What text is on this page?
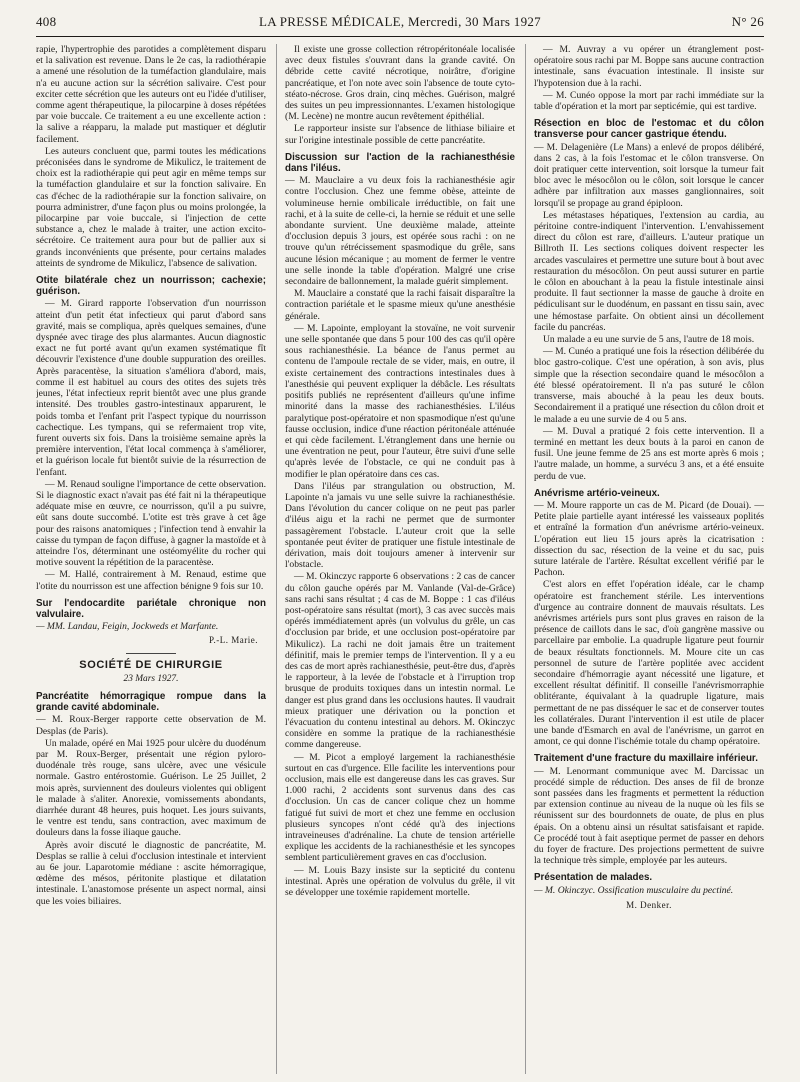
408	LA PRESSE MÉDICALE, Mercredi, 30 Mars 1927	N° 26

rapie, l'hypertrophie des parotides a complètement disparu et la salivation est revenue. Dans le 2e cas, la radiothérapie a amené une résolution de la tuméfaction glandulaire, mais n'a eu aucune action sur la sécrétion salivaire. C'est pour exciter cette sécrétion que les auteurs ont eu l'idée d'utiliser, comme agent thérapeutique, la pilocarpine à doses répétées par voie buccale. Ce traitement a eu une excellente action : la salive a réapparu, la malade put mastiquer et déglutir facilement.

Les auteurs concluent que, parmi toutes les médications préconisées dans le syndrome de Mikulicz, le traitement de choix est la radiothérapie qui peut agir en même temps sur la tuméfaction glandulaire et sur la fonction salivaire. En cas d'échec de la radiothérapie sur la fonction salivaire, on pourra administrer, d'une façon plus ou moins prolongée, la pilocarpine par voie buccale, si l'injection de cette substance a, chez le malade à traiter, une action excito-sécrétoire. Ce traitement aura pour but de pallier aux si grands inconvénients que présente, pour certains malades atteints de syndrome de Mikulicz, l'absence de salivation.

Otite bilatérale chez un nourrisson; cachexie; guérison.

— M. Girard rapporte l'observation d'un nourrisson atteint d'un petit état infectieux qui parut d'abord sans gravité, mais se compliqua, après quelques semaines, d'une dyspnée avec tirage des plus alarmantes. Aucun diagnostic exact ne fut porté avant qu'un examen systématique fît découvrir l'existence d'une double suppuration des oreilles. Après paracentèse, la situation s'améliora d'abord, mais, comme il est habituel au cours des otites des sujets très jeunes, l'état infectieux reprit bientôt avec une plus grande intensité. Des troubles gastro-intestinaux apparurent, le poids tomba et l'enfant prit l'aspect typique du nourrisson cachectique. Les tympans, qui se refermaient trop vite, furent ouverts six fois. Dans la troisième semaine après la première intervention, l'état local commença à s'améliorer, et la guérison locale fut bientôt suivie de la résurrection de l'enfant.

— M. Renaud souligne l'importance de cette observation. Si le diagnostic exact n'avait pas été fait ni la thérapeutique adéquate mise en œuvre, ce nourrisson, qu'il a pu suivre, eût sans doute succombé. L'otite est très grave à cet âge pour des raisons anatomiques ; l'infection tend à envahir la caisse du tympan de façon diffuse, à gagner la mastoïde et à atteindre l'os, déterminant une ostéomyélite du rocher qui motive souvent la répétition de la paracentèse.

— M. Hallé, contrairement à M. Renaud, estime que l'otite du nourrisson est une affection bénigne 9 fois sur 10.

Sur l'endocardite pariétale chronique non valvulaire.

— MM. Landau, Feigin, Jockweds et Marfante.

P.-L. Marie.
SOCIÉTÉ DE CHIRURGIE
23 Mars 1927.
Pancréatite hémorragique rompue dans la grande cavité abdominale.

— M. Roux-Berger rapporte cette observation de M. Desplas (de Paris).

Un malade, opéré en Mai 1925 pour ulcère du duodénum par M. Roux-Berger, présentait une région pyloro-duodénale très rouge, sans ulcère, avec une vésicule normale. Gastro entérostomie. Guérison. Le 25 Juillet, 2 mois après, surviennent des douleurs violentes qui obligent le malade à s'aliter. Anorexie, vomissements abondants, diarrhée durant 48 heures, puis hoquet. Les jours suivants, le ventre est tendu, sans contraction, avec maximum de douleurs dans la fosse iliaque gauche.

Après avoir discuté le diagnostic de pancréatite, M. Desplas se rallie à celui d'occlusion intestinale et intervient au 6e jour. Laparotomie médiane : ascite hémorragique, œdème des mésos, péritonite plastique et dilatation intestinale. L'anastomose présente un aspect normal, ainsi que les voies biliaires.

Il existe une grosse collection rétropéritonéale localisée avec deux fistules s'ouvrant dans la grande cavité. On débride cette cavité nécrotique, noirâtre, d'origine pancréatique, et l'on note avec soin l'absence de toute cyto-stéato-nécrose. Gros drain, cinq mèches. Guérison, malgré des suites un peu impressionnantes. L'examen histologique (M. Lecène) ne montre aucun revêtement épithélial.

Le rapporteur insiste sur l'absence de lithiase biliaire et sur l'origine intestinale possible de cette pancréatite.

Discussion sur l'action de la rachianesthésie dans l'iléus.

— M. Mauclaire a vu deux fois la rachianesthésie agir contre l'occlusion. Chez une femme obèse, atteinte de volumineuse hernie ombilicale irréductible, on fait une rachi, et à la suite de celle-ci, la hernie se réduit et une selle abondante survient. Une deuxième malade, atteinte d'occlusion depuis 3 jours, est opérée sous rachi : on ne trouve qu'un rétrécissement spasmodique du grêle, sans aucune lésion mécanique ; au moment de fermer le ventre une selle inonde la table d'opération. Malgré une crise secondaire de ballonnement, la malade guérit simplement.

M. Mauclaire a constaté que la rachi faisait disparaître la contraction pariétale et le spasme mieux qu'une anesthésie générale.

— M. Lapointe, employant la stovaïne, ne voit survenir une selle spontanée que dans 5 pour 100 des cas qu'il opère sous rachianesthésie. La béance de l'anus permet au contenu de l'ampoule rectale de se vider, mais, en outre, il existe certainement des contractions intestinales dues à l'anesthésie qui peuvent expliquer la débâcle. Les résultats positifs publiés ne représentent d'ailleurs qu'une infime minorité dans la masse des rachianesthésies. L'iléus paralytique post-opératoire et non spasmodique n'est qu'une fausse occlusion, indice d'une réaction péritonéale atténuée et qui cède facilement. L'étranglement dans une hernie ou une éventration ne peut, pour l'auteur, être suivi d'une selle qu'après levée de l'obstacle, ce qui ne conduit pas à modifier le plan opératoire dans ces cas.

Dans l'iléus par strangulation ou obstruction, M. Lapointe n'a jamais vu une selle suivre la rachianesthésie. Dans l'évolution du cancer colique on ne peut pas parler d'iléus aigu et la rachi ne permet que de surmonter passagèrement l'obstacle. L'auteur croit que la selle spontanée peut éviter de pratiquer une fistule intestinale de dérivation, mais doit toujours amener à intervenir sur l'obstacle.

— M. Okinczyc rapporte 6 observations : 2 cas de cancer du côlon gauche opérés par M. Vanlande (Val-de-Grâce) sans rachi sans résultat ; 4 cas de M. Boppe : 1 cas d'iléus post-opératoire sans résultat (mort), 3 cas avec succès mais opérés immédiatement après (un volvulus du grêle, un cas d'occlusion par bride, et une occlusion post-opératoire par Mikulicz). La rachi ne doit jamais être un traitement définitif, mais le premier temps de l'intervention. Il y a eu des cas de mort après rachianesthésie, peut-être dus, d'après le rapporteur, à la levée de l'obstacle et à l'irruption trop brusque de produits toxiques dans un intestin normal. Le danger est plus grand dans les occlusions hautes. Il vaudrait mieux pratiquer une dérivation ou la ponction et l'évacuation du contenu intestinal au dehors. M. Okinczyc considère en somme la pratique de la rachianesthésie comme dangereuse.

— M. Picot a employé largement la rachianesthésie surtout en cas d'urgence. Elle facilite les interventions pour occlusion, mais elle est dangereuse dans les cas graves. Sur 1.000 rachi, 2 accidents sont survenus dans des cas d'occlusion. Un cas de cancer colique chez un homme fatigué fut suivi de mort et chez une femme en occlusion plusieurs syncopes n'ont cédé qu'à des injections intraveineuses d'adrénaline. La chute de tension artérielle explique les accidents de la rachianesthésie et les syncopes semblent particulièrement graves en cas d'occlusion.

— M. Louis Bazy insiste sur la septicité du contenu intestinal. Après une opération de volvulus du grêle, il vit se développer une toxémie rapidement mortelle.

— M. Auvray a vu opérer un étranglement post-opératoire sous rachi par M. Boppe sans aucune contraction intestinale, sans évacuation intestinale. Il insiste sur l'hypotension due à la rachi.

— M. Cunéo oppose la mort par rachi immédiate sur la table d'opération et la mort par septicémie, qui est tardive.

Résection en bloc de l'estomac et du côlon transverse pour cancer gastrique étendu.

— M. Delagenière (Le Mans) a enlevé de propos délibéré, dans 2 cas, à la fois l'estomac et le côlon transverse. On doit pratiquer cette intervention, soit lorsque la tumeur fait bloc avec le mésocôlon ou le côlon, soit lorsque le cancer adhère par infiltration aux masses ganglionnaires, soit lorsqu'il se propage au grand épiploon.

Les métastases hépatiques, l'extension au cardia, au péritoine contre-indiquent l'intervention. L'envahissement direct du côlon est rare, d'ailleurs. L'auteur pratique un Billroth II. Les sections coliques doivent respecter les arcades vasculaires et permettre une suture bout à bout avec restauration du mésocôlon. On peut aussi suturer en partie le côlon en abouchant à la peau la fistule intestinale ainsi produite. Il faut sectionner la masse de gauche à droite en pédiculisant sur le duodénum, en passant en tissu sain, avec une hémostase parfaite. On obtient ainsi un décollement facile du pancréas.

Un malade a eu une survie de 5 ans, l'autre de 18 mois.

— M. Cunéo a pratiqué une fois la résection délibérée du bloc gastro-colique. C'est une opération, à son avis, plus simple que la résection secondaire quand le mésocôlon a été blessé opératoirement. Il n'a pas suturé le côlon transverse, mais abouché à la peau les deux bouts. Secondairement il a pratiqué une résection du côlon droit et le malade a eu une survie de 4 ou 5 ans.

— M. Duval a pratiqué 2 fois cette intervention. Il a terminé en mettant les deux bouts à la paroi en canon de fusil. Une jeune femme de 25 ans est morte après 6 mois ; l'autre malade, un homme, a survécu 3 ans, et a été ensuite perdu de vue.

Anévrisme artério-veineux.

— M. Moure rapporte un cas de M. Picard (de Douai). — Petite plaie partielle ayant intéressé les vaisseaux poplités et entraîné la formation d'un anévrisme artério-veineux. L'opération eut lieu 15 jours après la cicatrisation : dissection du sac, résection de la veine et du sac, puis suture latérale de l'artère. Résultat excellent vérifié par le Pachon.

C'est alors en effet l'opération idéale, car le champ opératoire est franchement stérile. Les interventions d'urgence au contraire donnent de mauvais résultats. Les anévrismes artériels purs sont plus graves en raison de la présence de caillots dans le sac, d'où gangrène massive ou parcellaire par embolie. La quadruple ligature peut fournir de beaux résultats fonctionnels. M. Moure cite un cas personnel de suture de l'artère poplitée avec accident secondaire d'hémorragie ayant nécessité une ligature, et excellent résultat définitif. Il conseille l'anévrismorraphie oblitérante, équivalant à la quadruple ligature, mais permettant de ne pas disséquer le sac et de conserver toutes les collatérales. Durant l'intervention il est utile de placer une bande d'Esmarch en aval de l'anévrisme, un garrot en amont, ce qui donne l'ischémie totale du champ opératoire.

Traitement d'une fracture du maxillaire inférieur.

— M. Lenormant communique avec M. Darcissac un procédé simple de réduction. Des anses de fil de bronze sont passées dans les fragments et permettent la réduction par extension continue au niveau de la nuque où les fils se réunissent sur des bourdonnets de ouate, de plus en plus épais. On a obtenu ainsi un résultat satisfaisant et rapide. Ce procédé tout à fait aseptique permet de passer en dehors du foyer de fracture. Des projections permettent de suivre la technique très simple, employée par les auteurs.

Présentation de malades.

— M. Okinczyc. Ossification musculaire du pectiné.

M. Denker.
